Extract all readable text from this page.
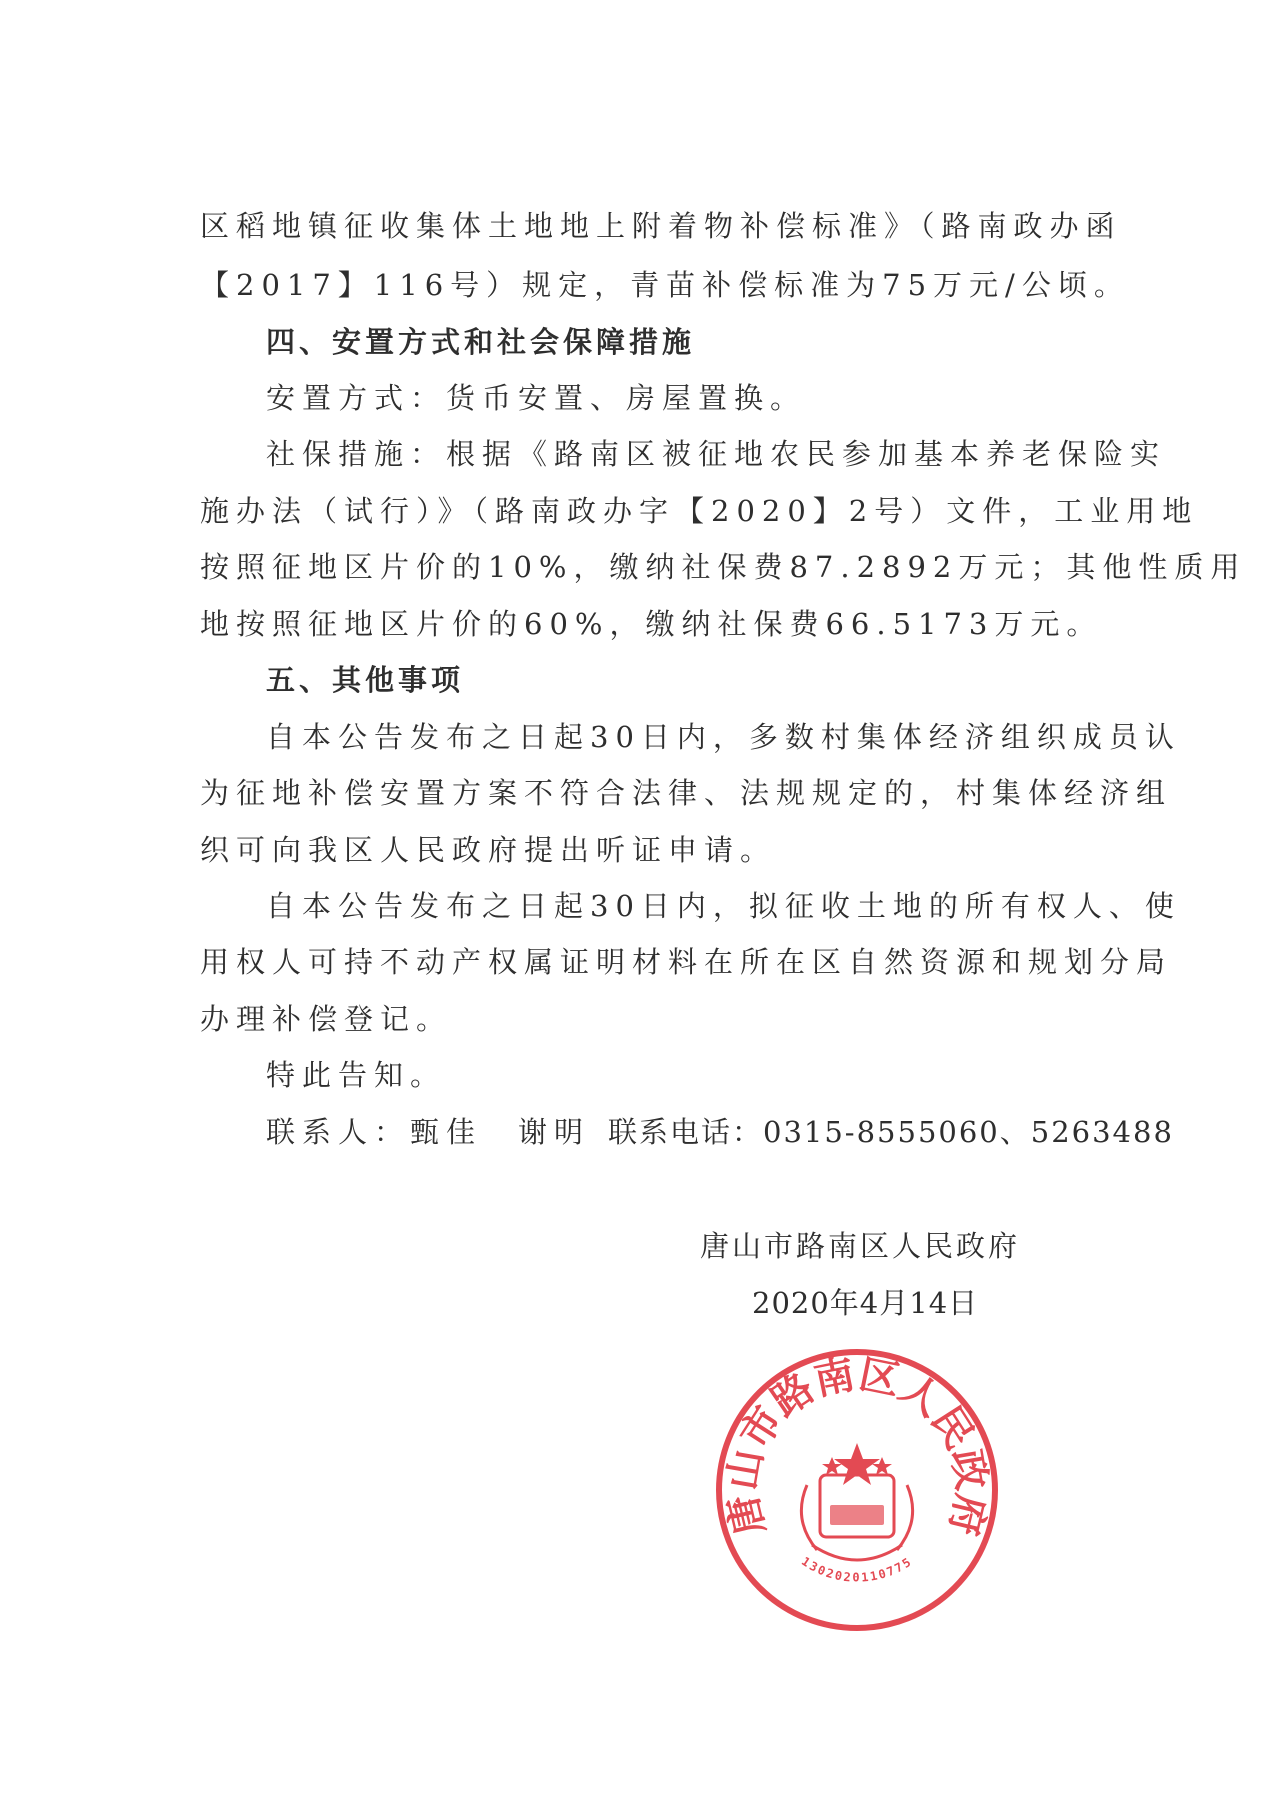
唐山市路南区人民政府
1302020110775
区稻地镇征收集体土地地上附着物补偿标准》（路南政办函
【2017】116号）规定，青苗补偿标准为75万元/公顷。
四、安置方式和社会保障措施
安置方式：货币安置、房屋置换。
社保措施：根据《路南区被征地农民参加基本养老保险实
施办法（试行）》（路南政办字【2020】2号）文件，工业用地
按照征地区片价的10%，缴纳社保费87.2892万元；其他性质用
地按照征地区片价的60%，缴纳社保费66.5173万元。
五、其他事项
自本公告发布之日起30日内，多数村集体经济组织成员认
为征地补偿安置方案不符合法律、法规规定的，村集体经济组
织可向我区人民政府提出听证申请。
自本公告发布之日起30日内，拟征收土地的所有权人、使
用权人可持不动产权属证明材料在所在区自然资源和规划分局
办理补偿登记。
特此告知。
联系人：甄佳　谢明 联系电话：0315-8555060、5263488
唐山市路南区人民政府
2020年4月14日
